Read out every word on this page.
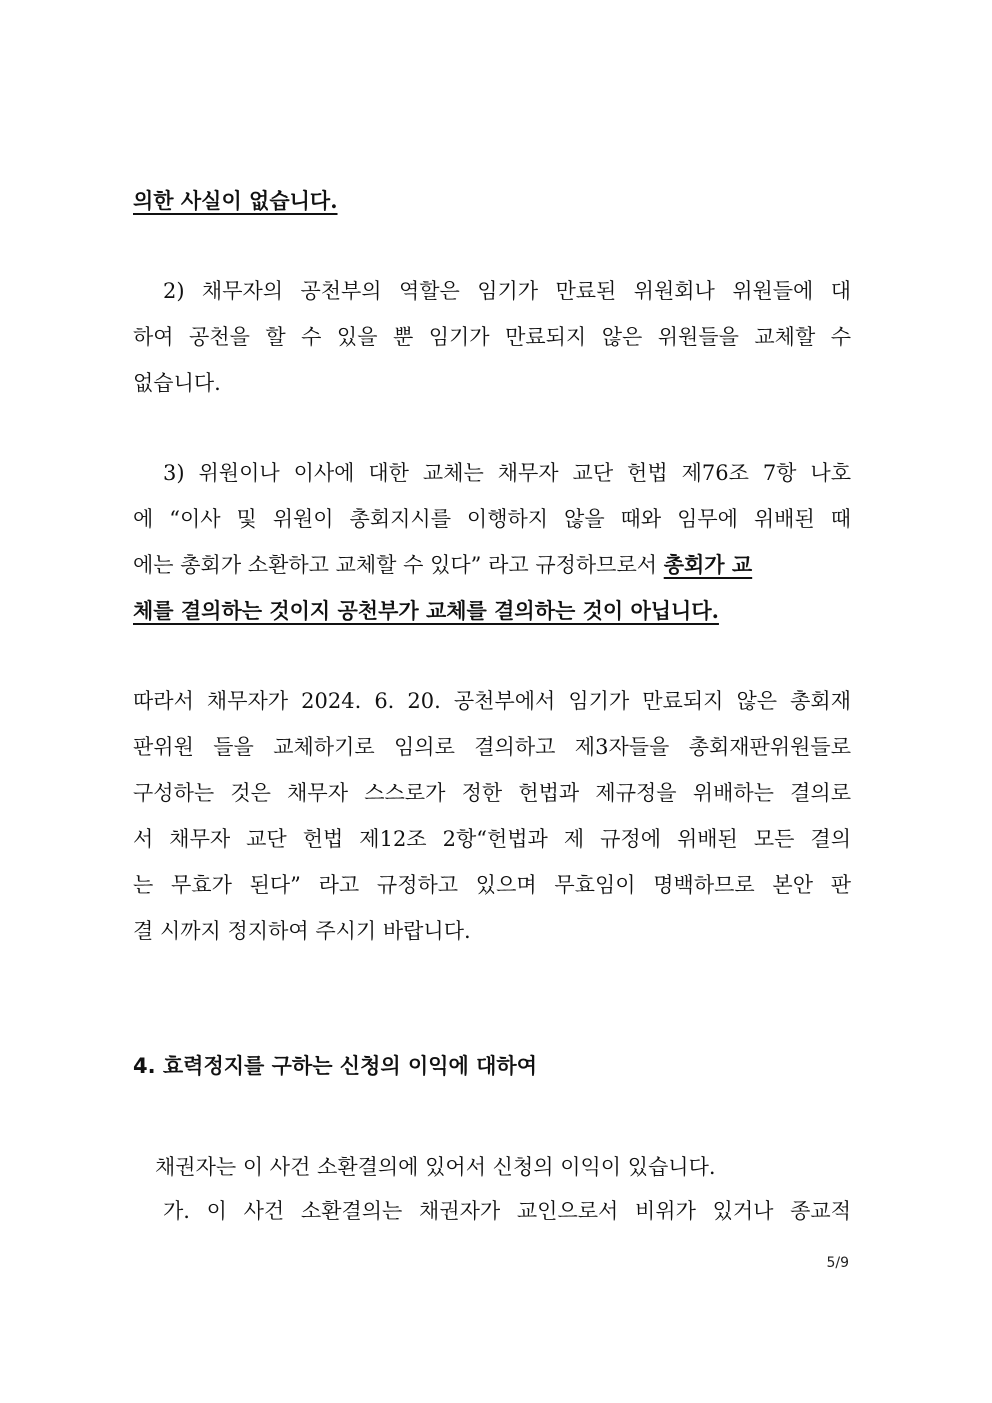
의한 사실이 없습니다.
2) 채무자의 공천부의 역할은 임기가 만료된 위원회나 위원들에 대
하여 공천을 할 수 있을 뿐 임기가 만료되지 않은 위원들을 교체할 수
없습니다.
3) 위원이나 이사에 대한 교체는 채무자 교단 헌법 제76조 7항 나호
에 “이사 및 위원이 총회지시를 이행하지 않을 때와 임무에 위배된 때
에는 총회가 소환하고 교체할 수 있다” 라고 규정하므로서 총회가 교
체를 결의하는 것이지 공천부가 교체를 결의하는 것이 아닙니다.
따라서 채무자가 2024. 6. 20. 공천부에서 임기가 만료되지 않은 총회재
판위원 들을 교체하기로 임의로 결의하고 제3자들을 총회재판위원들로
구성하는 것은 채무자 스스로가 정한 헌법과 제규정을 위배하는 결의로
서 채무자 교단 헌법 제12조 2항“헌법과 제 규정에 위배된 모든 결의
는 무효가 된다” 라고 규정하고 있으며 무효임이 명백하므로 본안 판
결 시까지 정지하여 주시기 바랍니다.
4. 효력정지를 구하는 신청의 이익에 대하여
채권자는 이 사건 소환결의에 있어서 신청의 이익이 있습니다.
가. 이 사건 소환결의는 채권자가 교인으로서 비위가 있거나 종교적
5/9
